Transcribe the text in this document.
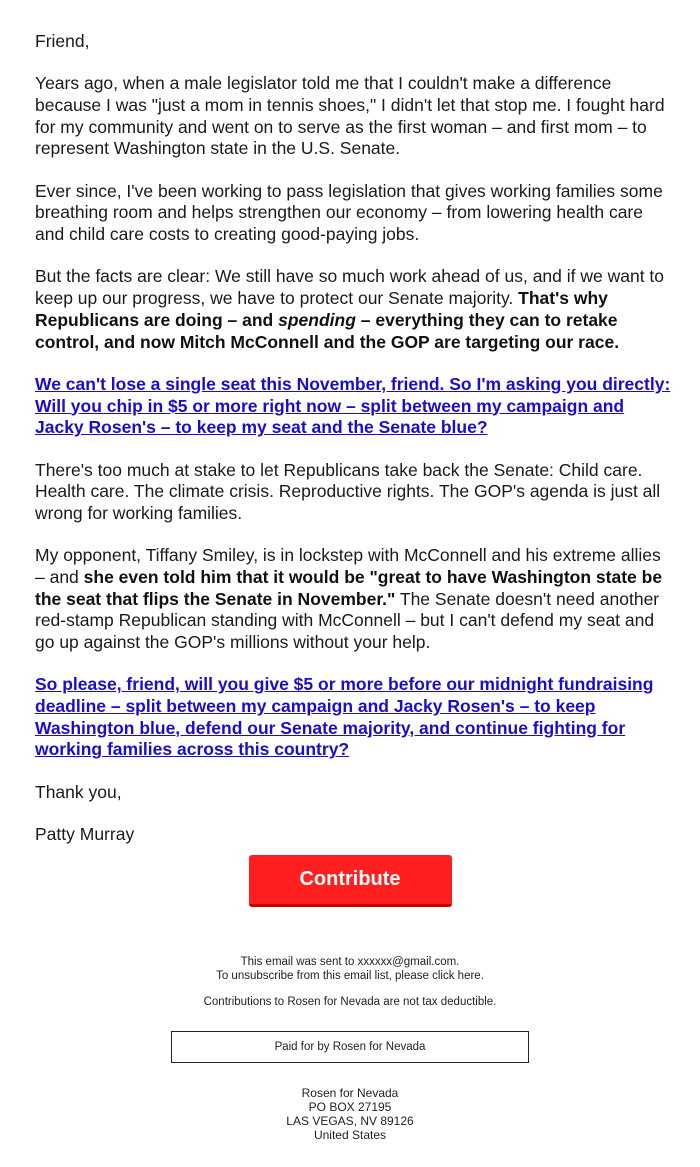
Friend,

Years ago, when a male legislator told me that I couldn't make a difference because I was "just a mom in tennis shoes," I didn't let that stop me. I fought hard for my community and went on to serve as the first woman – and first mom – to represent Washington state in the U.S. Senate.

Ever since, I've been working to pass legislation that gives working families some breathing room and helps strengthen our economy – from lowering health care and child care costs to creating good-paying jobs.

But the facts are clear: We still have so much work ahead of us, and if we want to keep up our progress, we have to protect our Senate majority. That's why Republicans are doing – and spending – everything they can to retake control, and now Mitch McConnell and the GOP are targeting our race.

We can't lose a single seat this November, friend. So I'm asking you directly: Will you chip in $5 or more right now – split between my campaign and Jacky Rosen's – to keep my seat and the Senate blue?

There's too much at stake to let Republicans take back the Senate: Child care. Health care. The climate crisis. Reproductive rights. The GOP's agenda is just all wrong for working families.

My opponent, Tiffany Smiley, is in lockstep with McConnell and his extreme allies – and she even told him that it would be "great to have Washington state be the seat that flips the Senate in November." The Senate doesn't need another red-stamp Republican standing with McConnell – but I can't defend my seat and go up against the GOP's millions without your help.

So please, friend, will you give $5 or more before our midnight fundraising deadline – split between my campaign and Jacky Rosen's – to keep Washington blue, defend our Senate majority, and continue fighting for working families across this country?

Thank you,

Patty Murray

Contribute
This email was sent to xxxxxx@gmail.com.
To unsubscribe from this email list, please click here.
Contributions to Rosen for Nevada are not tax deductible.
Paid for by Rosen for Nevada
Rosen for Nevada
PO BOX 27195
LAS VEGAS, NV 89126
United States
